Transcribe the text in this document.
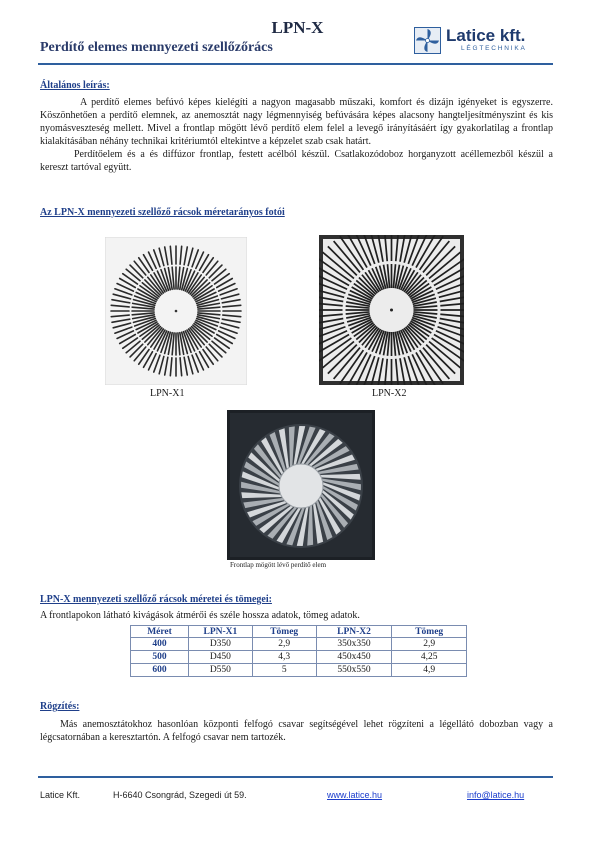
LPN-X
Perdítő elemes mennyezeti szellőzőrács
Latice kft.
LÉGTECHNIKA
Általános leírás:

A perdítő elemes befúvó képes kielégíti a nagyon magasabb műszaki, komfort és dizájn igényeket is egyszerre. Köszönhetően a perdítő elemnek, az anemosztát nagy légmennyiség befúvására képes alacsony hangteljesítményszint és kis nyomásveszteség mellett. Mivel a frontlap mögött lévő perdítő elem felel a levegő irányításáért így gyakorlatilag a frontlap kialakításában néhány technikai kritériumtól eltekintve a képzelet szab csak határt.

Perdítőelem és a és diffúzor frontlap, festett acélból készül. Csatlakozódoboz horganyzott acéllemezből készül a kereszt tartóval együtt.

Az LPN-X mennyezeti szellőző rácsok méretarányos fotói
LPN-X1	LPN-X2
Frontlap mögött lévő perdítő elem
LPN-X mennyezeti szellőző rácsok méretei és tömegei:
A frontlapokon látható kivágások átmérői és széle hossza adatok, tömeg adatok.
Méret	LPN-X1	Tömeg	LPN-X2	Tömeg
400	D350	2,9	350x350	2,9
500	D450	4,3	450x450	4,25
600	D550	5	550x550	4,9
Rögzítés:
Más anemosztátokhoz hasonlóan központi felfogó csavar segítségével lehet rögzíteni a légellátó dobozban vagy a légcsatornában a keresztartón. A felfogó csavar nem tartozék.
Latice Kft.	H-6640 Csongrád, Szegedi út 59.	www.latice.hu	info@latice.hu
